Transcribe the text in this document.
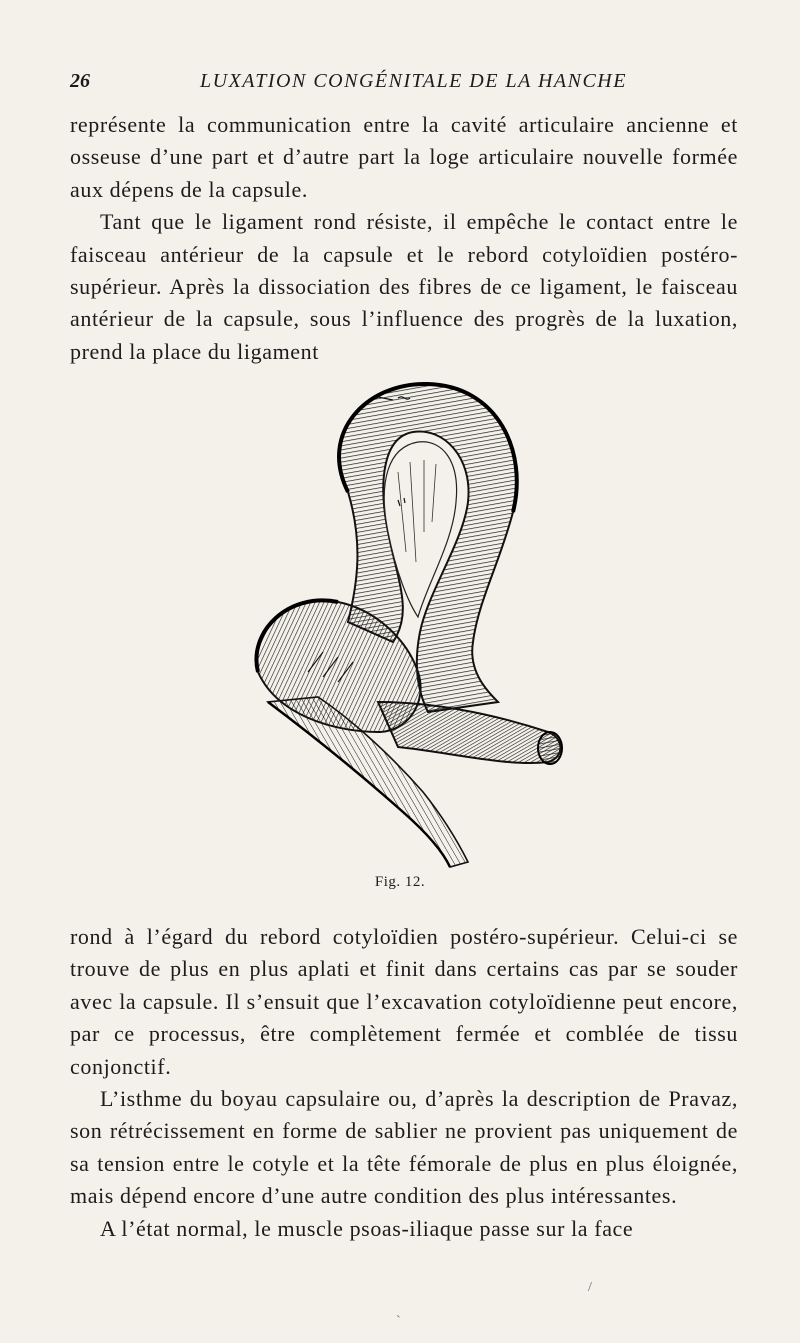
26	LUXATION CONGÉNITALE DE LA HANCHE

représente la communication entre la cavité articulaire ancienne et osseuse d’une part et d’autre part la loge articulaire nouvelle formée aux dépens de la capsule.

Tant que le ligament rond résiste, il empêche le contact entre le faisceau antérieur de la capsule et le rebord cotyloïdien postéro-supérieur. Après la dissociation des fibres de ce ligament, le faisceau antérieur de la capsule, sous l’influence des progrès de la luxation, prend la place du ligament

Fig. 12.

rond à l’égard du rebord cotyloïdien postéro-supérieur. Celui-ci se trouve de plus en plus aplati et finit dans certains cas par se souder avec la capsule. Il s’ensuit que l’excavation cotyloïdienne peut encore, par ce processus, être complètement fermée et comblée de tissu conjonctif.

L’isthme du boyau capsulaire ou, d’après la description de Pravaz, son rétrécissement en forme de sablier ne provient pas uniquement de sa tension entre le cotyle et la tête fémorale de plus en plus éloignée, mais dépend encore d’une autre condition des plus intéressantes.

A l’état normal, le muscle psoas-iliaque passe sur la face

/
`
